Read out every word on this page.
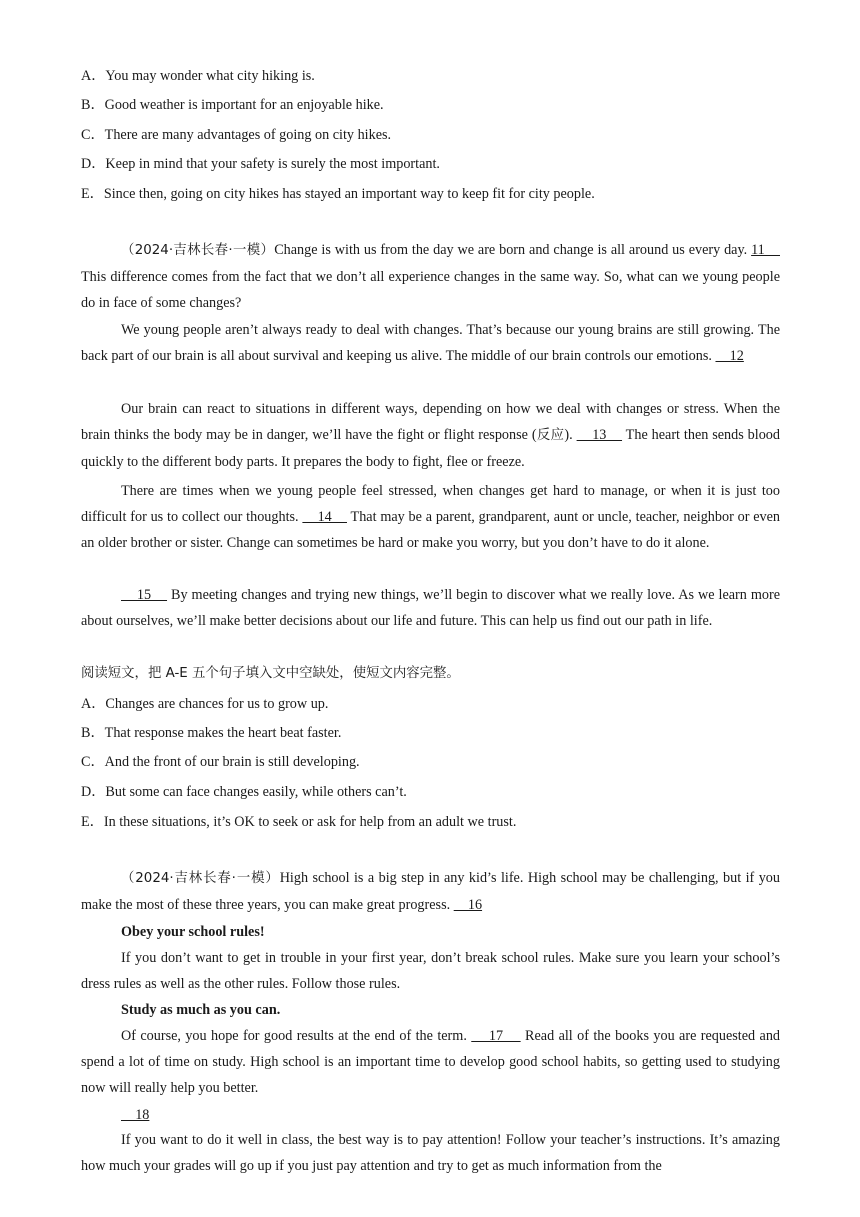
A．You may wonder what city hiking is.
B．Good weather is important for an enjoyable hike.
C．There are many advantages of going on city hikes.
D．Keep in mind that your safety is surely the most important.
E．Since then, going on city hikes has stayed an important way to keep fit for city people.
（2024·吉林长春·一模）Change is with us from the day we are born and change is all around us every day. 11     This difference comes from the fact that we don’t all experience changes in the same way. So, what can we young people do in face of some changes?
We young people aren’t always ready to deal with changes. That’s because our young brains are still growing. The back part of our brain is all about survival and keeping us alive. The middle of our brain controls our emotions.     12
Our brain can react to situations in different ways, depending on how we deal with changes or stress. When the brain thinks the body may be in danger, we’ll have the fight or flight response (反应).     13     The heart then sends blood quickly to the different body parts. It prepares the body to fight, flee or freeze.
There are times when we young people feel stressed, when changes get hard to manage, or when it is just too difficult for us to collect our thoughts.     14     That may be a parent, grandparent, aunt or uncle, teacher, neighbor or even an older brother or sister. Change can sometimes be hard or make you worry, but you don’t have to do it alone.
15     By meeting changes and trying new things, we’ll begin to discover what we really love. As we learn more about ourselves, we’ll make better decisions about our life and future. This can help us find out our path in life.
阅读短文，把 A-E 五个句子填入文中空缺处，使短文内容完整。
A．Changes are chances for us to grow up.
B．That response makes the heart beat faster.
C．And the front of our brain is still developing.
D．But some can face changes easily, while others can’t.
E．In these situations, it’s OK to seek or ask for help from an adult we trust.
（2024·吉林长春·一模）High school is a big step in any kid’s life. High school may be challenging, but if you make the most of these three years, you can make great progress.     16
Obey your school rules!
If you don’t want to get in trouble in your first year, don’t break school rules. Make sure you learn your school’s dress rules as well as the other rules. Follow those rules.
Study as much as you can.
Of course, you hope for good results at the end of the term.     17     Read all of the books you are requested and spend a lot of time on study. High school is an important time to develop good school habits, so getting used to studying now will really help you better.
18
If you want to do it well in class, the best way is to pay attention! Follow your teacher’s instructions. It’s amazing how much your grades will go up if you just pay attention and try to get as much information from the
